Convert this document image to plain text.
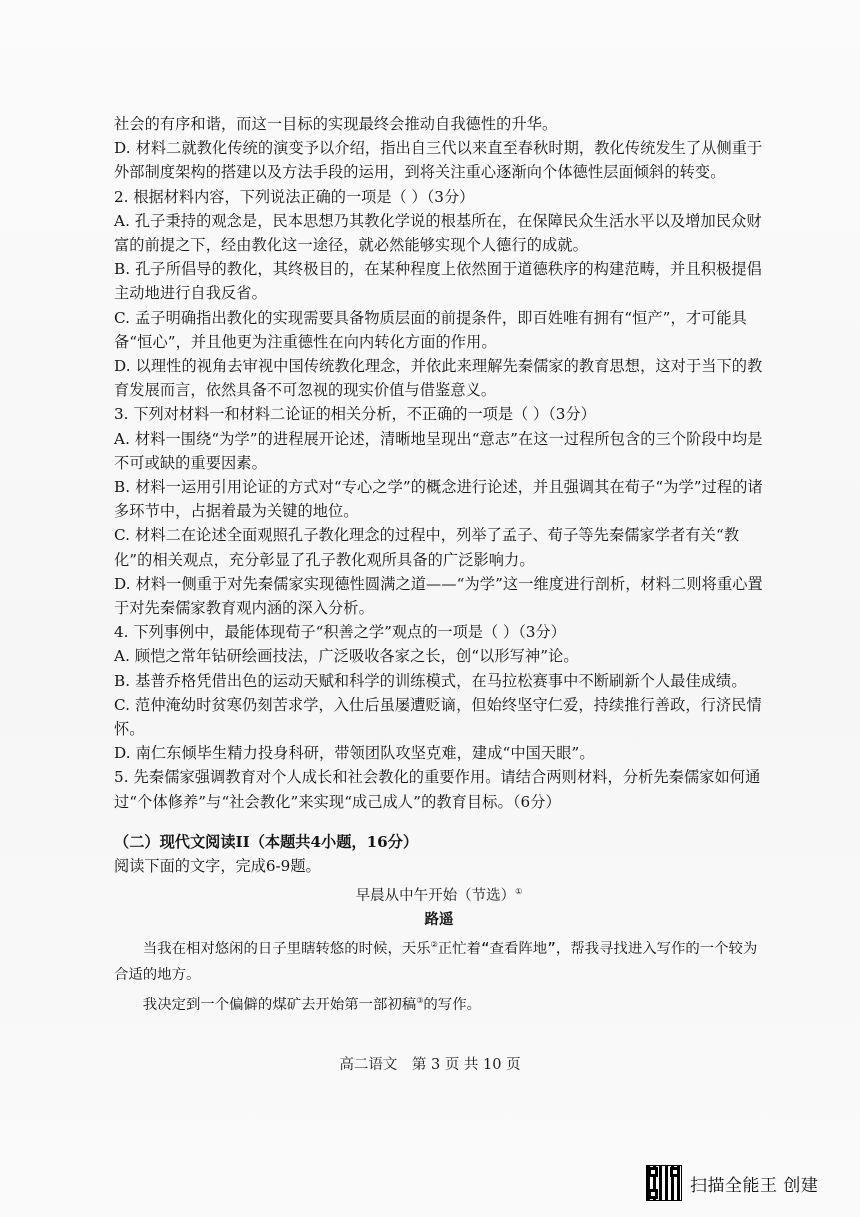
社会的有序和谐，而这一目标的实现最终会推动自我德性的升华。

D. 材料二就教化传统的演变予以介绍，指出自三代以来直至春秋时期，教化传统发生了从侧重于外部制度架构的搭建以及方法手段的运用，到将关注重心逐渐向个体德性层面倾斜的转变。

2. 根据材料内容，下列说法正确的一项是（ ）（3分）

A. 孔子秉持的观念是，民本思想乃其教化学说的根基所在，在保障民众生活水平以及增加民众财富的前提之下，经由教化这一途径，就必然能够实现个人德行的成就。

B. 孔子所倡导的教化，其终极目的，在某种程度上依然囿于道德秩序的构建范畴，并且积极提倡主动地进行自我反省。

C. 孟子明确指出教化的实现需要具备物质层面的前提条件，即百姓唯有拥有“恒产”，才可能具备“恒心”，并且他更为注重德性在向内转化方面的作用。

D. 以理性的视角去审视中国传统教化理念，并依此来理解先秦儒家的教育思想，这对于当下的教育发展而言，依然具备不可忽视的现实价值与借鉴意义。

3. 下列对材料一和材料二论证的相关分析，不正确的一项是（ ）（3分）

A. 材料一围绕“为学”的进程展开论述，清晰地呈现出“意志”在这一过程所包含的三个阶段中均是不可或缺的重要因素。

B. 材料一运用引用论证的方式对“专心之学”的概念进行论述，并且强调其在荀子“为学”过程的诸多环节中，占据着最为关键的地位。

C. 材料二在论述全面观照孔子教化理念的过程中，列举了孟子、荀子等先秦儒家学者有关“教化”的相关观点，充分彰显了孔子教化观所具备的广泛影响力。

D. 材料一侧重于对先秦儒家实现德性圆满之道——“为学”这一维度进行剖析，材料二则将重心置于对先秦儒家教育观内涵的深入分析。

4. 下列事例中，最能体现荀子“积善之学”观点的一项是（ ）（3分）

A. 顾恺之常年钻研绘画技法，广泛吸收各家之长，创“以形写神”论。

B. 基普乔格凭借出色的运动天赋和科学的训练模式，在马拉松赛事中不断刷新个人最佳成绩。

C. 范仲淹幼时贫寒仍刻苦求学，入仕后虽屡遭贬谪，但始终坚守仁爱，持续推行善政，行济民情怀。

D. 南仁东倾毕生精力投身科研，带领团队攻坚克难，建成“中国天眼”。

5. 先秦儒家强调教育对个人成长和社会教化的重要作用。请结合两则材料，分析先秦儒家如何通过“个体修养”与“社会教化”来实现“成己成人”的教育目标。（6分）

（二）现代文阅读II（本题共4小题，16分）

阅读下面的文字，完成6-9题。

早晨从中午开始（节选）①

路遥

当我在相对悠闲的日子里瞎转悠的时候，天乐②正忙着“查看阵地”，帮我寻找进入写作的一个较为合适的地方。

我决定到一个偏僻的煤矿去开始第一部初稿③的写作。

高二语文　第 3 页 共 10 页
扫描全能王 创建
